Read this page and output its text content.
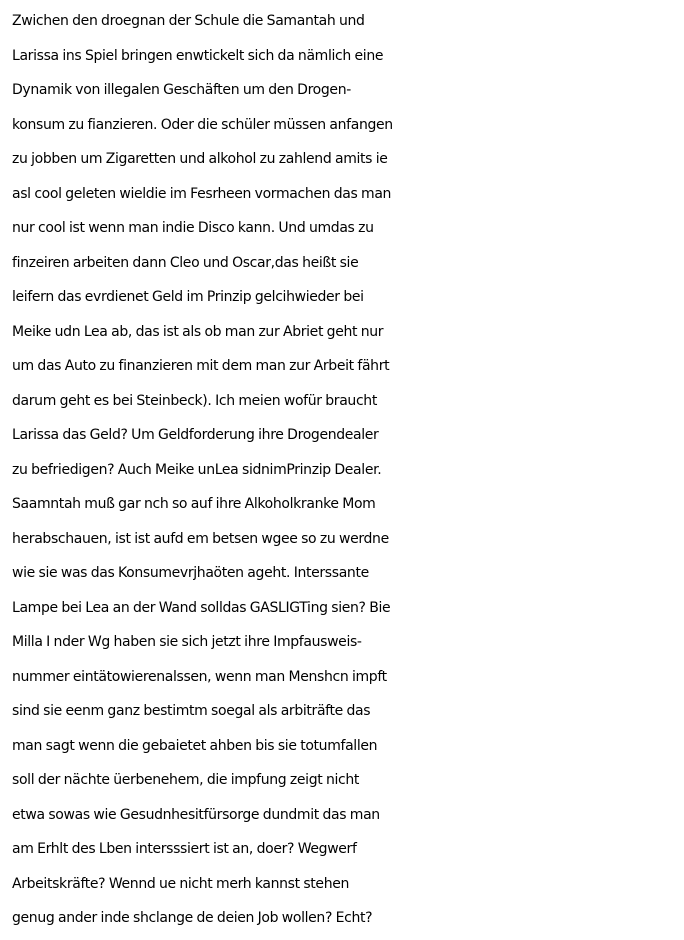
Zwichen den droegnan der Schule die Samantah und
Larissa ins Spiel bringen enwtickelt sich da nämlich eine
Dynamik von illegalen Geschäften um den Drogen-
konsum zu fianzieren. Oder die schüler müssen anfangen
zu jobben um Zigaretten und alkohol zu zahlend amits ie
asl cool geleten wieldie im Fesrheen vormachen das man
nur cool ist wenn man indie Disco kann. Und umdas zu
finzeiren arbeiten dann Cleo und Oscar,das heißt sie
leifern das evrdienet Geld im Prinzip gelcihwieder bei
Meike udn Lea ab, das ist als ob man zur Abriet geht nur
um das Auto zu finanzieren mit dem man zur Arbeit fährt
darum geht es bei Steinbeck). Ich meien wofür braucht
Larissa das Geld? Um Geldforderung ihre Drogendealer
zu befriedigen? Auch Meike unLea sidnimPrinzip Dealer.
Saamntah muß gar nch so auf ihre Alkoholkranke Mom
herabschauen, ist ist aufd em betsen wgee so zu werdne
wie sie was das Konsumevrjhaöten ageht. Interssante
Lampe bei Lea an der Wand solldas GASLIGTing sien? Bie
Milla I nder Wg haben sie sich jetzt ihre Impfausweis-
nummer eintätowierenalssen, wenn man Menshcn impft
sind sie eenm ganz bestimtm soegal als arbiträfte das
man sagt wenn die gebaietet ahben bis sie totumfallen
soll der nächte üerbenehem, die impfung zeigt nicht
etwa sowas wie Gesudnhesitfürsorge dundmit das man
am Erhlt des Lben intersssiert ist an, doer? Wegwerf
Arbeitskräfte? Wennd ue nicht merh kannst stehen
genug ander inde shclange de deien Job wollen? Echt?
